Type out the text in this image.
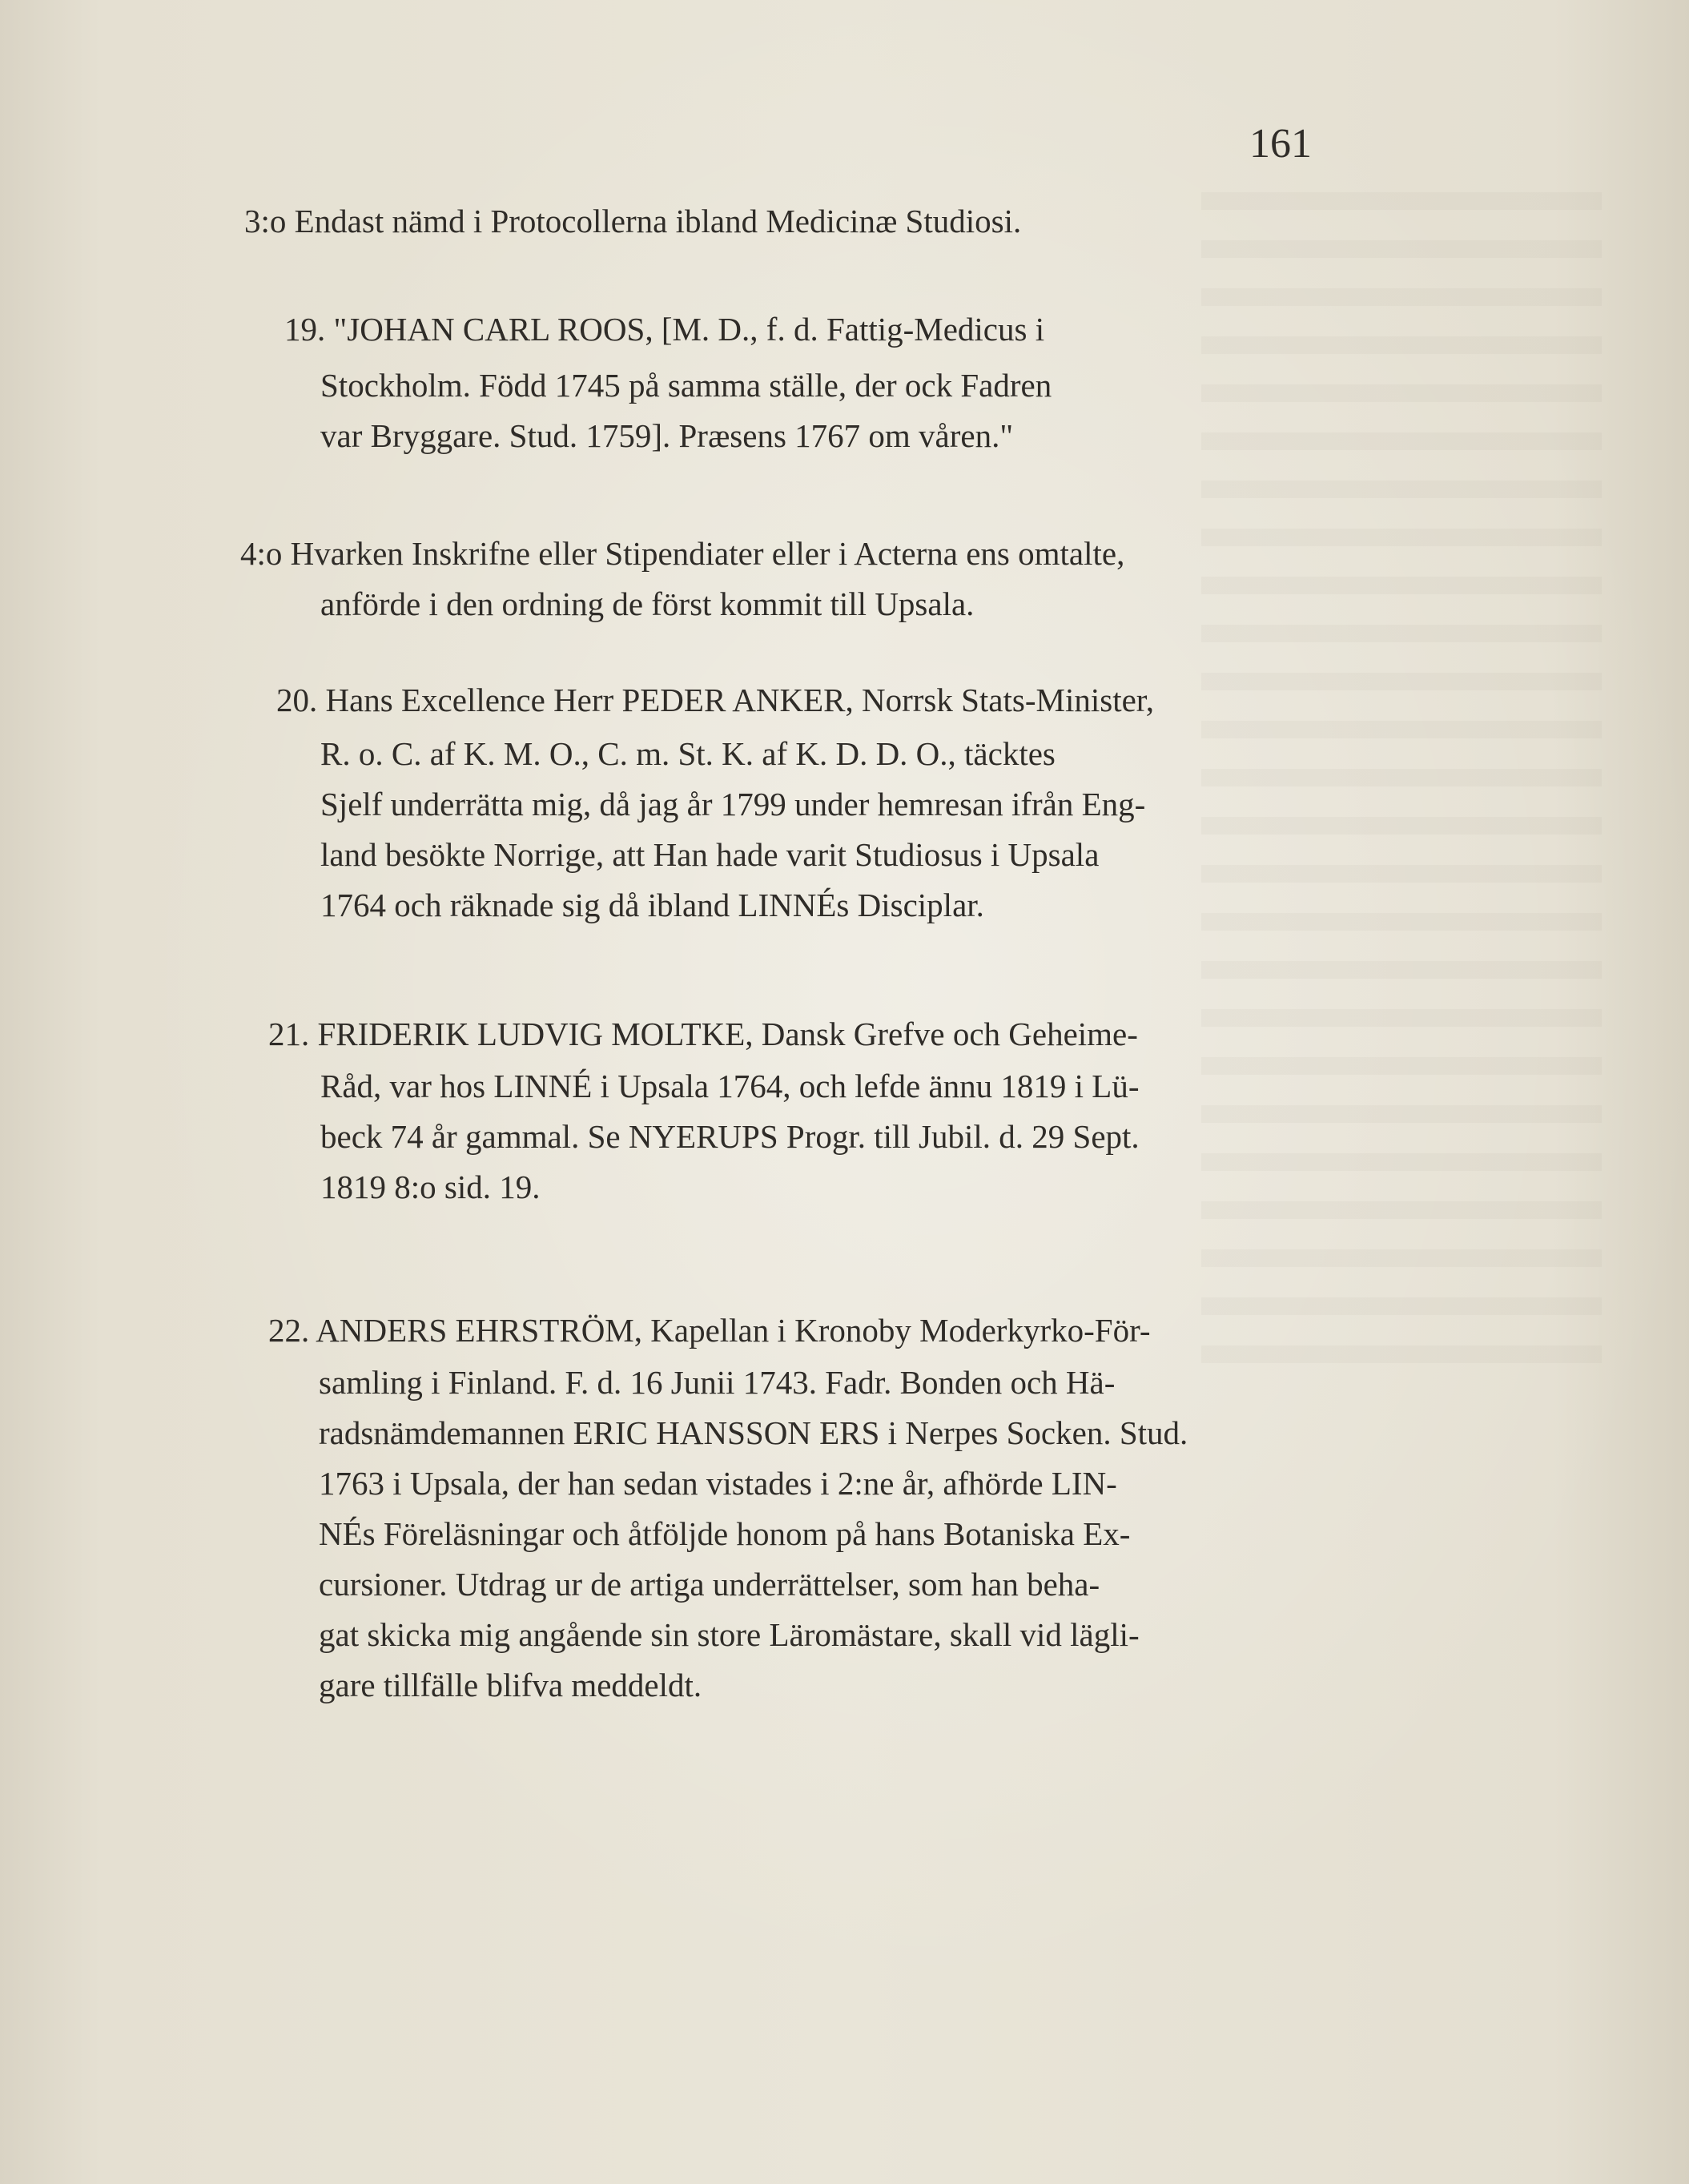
161
3:o Endast nämd i Protocollerna ibland Medicinæ Studiosi.
19. "JOHAN CARL ROOS, [M. D., f. d. Fattig-Medicus i
Stockholm. Född 1745 på samma ställe, der ock Fadren
var Bryggare. Stud. 1759]. Præsens 1767 om våren."
4:o Hvarken Inskrifne eller Stipendiater eller i Acterna ens omtalte,
anförde i den ordning de först kommit till Upsala.
20. Hans Excellence Herr PEDER ANKER, Norrsk Stats-Minister,
R. o. C. af K. M. O., C. m. St. K. af K. D. D. O., täcktes
Sjelf underrätta mig, då jag år 1799 under hemresan ifrån Eng-
land besökte Norrige, att Han hade varit Studiosus i Upsala
1764 och räknade sig då ibland LINNÉs Disciplar.
21. FRIDERIK LUDVIG MOLTKE, Dansk Grefve och Geheime-
Råd, var hos LINNÉ i Upsala 1764, och lefde ännu 1819 i Lü-
beck 74 år gammal. Se NYERUPS Progr. till Jubil. d. 29 Sept.
1819 8:o sid. 19.
22. ANDERS EHRSTRÖM, Kapellan i Kronoby Moderkyrko-För-
samling i Finland. F. d. 16 Junii 1743. Fadr. Bonden och Hä-
radsnämdemannen ERIC HANSSON ERS i Nerpes Socken. Stud.
1763 i Upsala, der han sedan vistades i 2:ne år, afhörde LIN-
NÉs Föreläsningar och åtföljde honom på hans Botaniska Ex-
cursioner. Utdrag ur de artiga underrättelser, som han beha-
gat skicka mig angående sin store Läromästare, skall vid lägli-
gare tillfälle blifva meddeldt.
